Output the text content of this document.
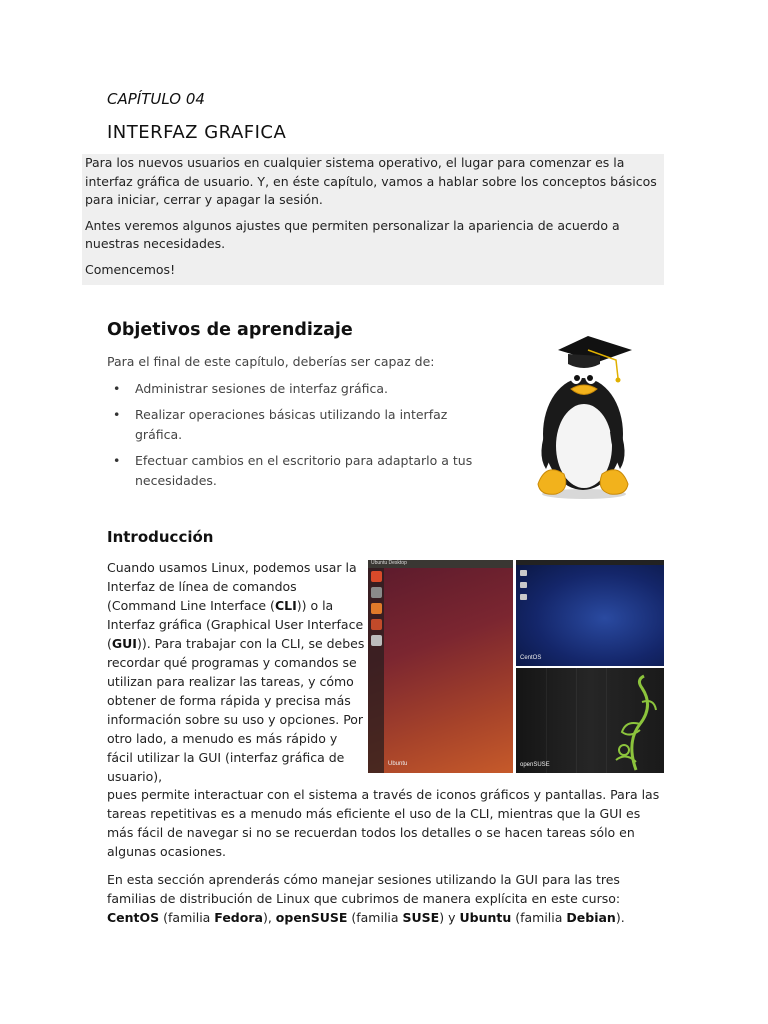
CAPÍTULO 04
INTERFAZ GRAFICA

Para los nuevos usuarios en cualquier sistema operativo, el lugar para comenzar es la interfaz gráfica de usuario. Y, en éste capítulo, vamos a hablar sobre los conceptos básicos para iniciar, cerrar y apagar la sesión.

Antes veremos algunos ajustes que permiten personalizar la apariencia de acuerdo a nuestras necesidades.

Comencemos!

Objetivos de aprendizaje
Para el final de este capítulo, deberías ser capaz de:
• Administrar sesiones de interfaz gráfica.
• Realizar operaciones básicas utilizando la interfaz gráfica.
• Efectuar cambios en el escritorio para adaptarlo a tus necesidades.
Introducción
Cuando usamos Linux, podemos usar la Interfaz de línea de comandos (Command Line Interface (CLI)) o la Interfaz gráfica (Graphical User Interface (GUI)). Para trabajar con la CLI, se debes recordar qué programas y comandos se utilizan para realizar las tareas, y cómo obtener de forma rápida y precisa más información sobre su uso y opciones. Por otro lado, a menudo es más rápido y fácil utilizar la GUI (interfaz gráfica de usuario),
Ubuntu Desktop
Ubuntu
CentOS
openSUSE

pues permite interactuar con el sistema a través de iconos gráficos y pantallas. Para las tareas repetitivas es a menudo más eficiente el uso de la CLI, mientras que la GUI es más fácil de navegar si no se recuerdan todos los detalles o se hacen tareas sólo en algunas ocasiones.

En esta sección aprenderás cómo manejar sesiones utilizando la GUI para las tres familias de distribución de Linux que cubrimos de manera explícita en este curso: CentOS (familia Fedora), openSUSE (familia SUSE) y Ubuntu (familia Debian).
